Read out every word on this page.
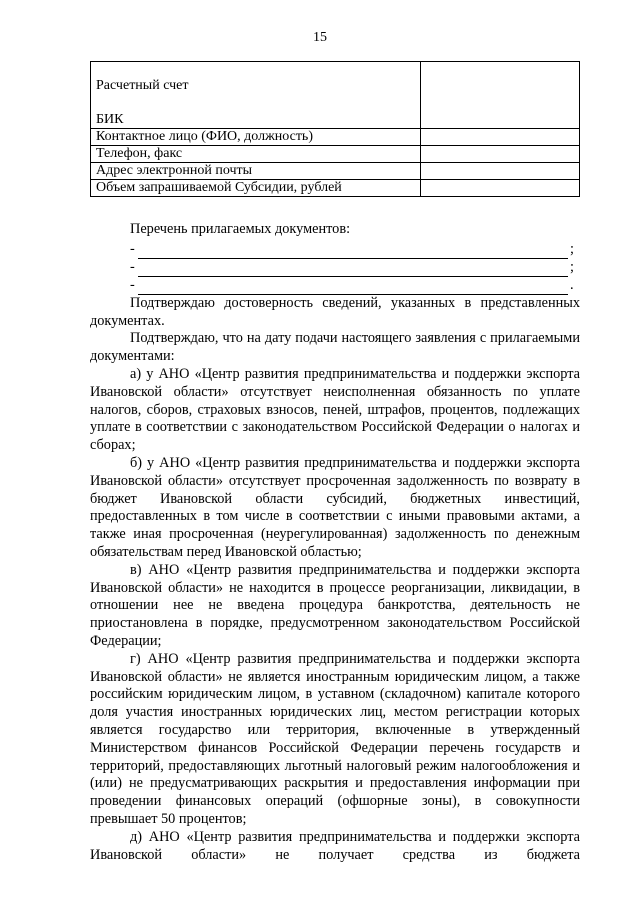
15
Расчетный счет
БИК	

Контактное лицо (ФИО, должность)	
Телефон, факс	
Адрес электронной почты	
Объем запрашиваемой Субсидии, рублей	
Перечень прилагаемых документов:
-	;
-	;
-	.

Подтверждаю достоверность сведений, указанных в представленных документах.

Подтверждаю, что на дату подачи настоящего заявления с прилагаемыми документами:

а) у АНО «Центр развития предпринимательства и поддержки экспорта Ивановской области» отсутствует неисполненная обязанность по уплате налогов, сборов, страховых взносов, пеней, штрафов, процентов, подлежащих уплате в соответствии с законодательством Российской Федерации о налогах и сборах;

б) у АНО «Центр развития предпринимательства и поддержки экспорта Ивановской области» отсутствует просроченная задолженность по возврату в бюджет Ивановской области субсидий, бюджетных инвестиций, предоставленных в том числе в соответствии с иными правовыми актами, а также иная просроченная (неурегулированная) задолженность по денежным обязательствам перед Ивановской областью;

в) АНО «Центр развития предпринимательства и поддержки экспорта Ивановской области» не находится в процессе реорганизации, ликвидации, в отношении нее не введена процедура банкротства, деятельность не приостановлена в порядке, предусмотренном законодательством Российской Федерации;

г) АНО «Центр развития предпринимательства и поддержки экспорта Ивановской области» не является иностранным юридическим лицом, а также российским юридическим лицом, в уставном (складочном) капитале которого доля участия иностранных юридических лиц, местом регистрации которых является государство или территория, включенные в утвержденный Министерством финансов Российской Федерации перечень государств и территорий, предоставляющих льготный налоговый режим налогообложения и (или) не предусматривающих раскрытия и предоставления информации при проведении финансовых операций (офшорные зоны), в совокупности превышает 50 процентов;

д) АНО «Центр развития предпринимательства и поддержки экспорта Ивановской области» не получает средства из бюджета
